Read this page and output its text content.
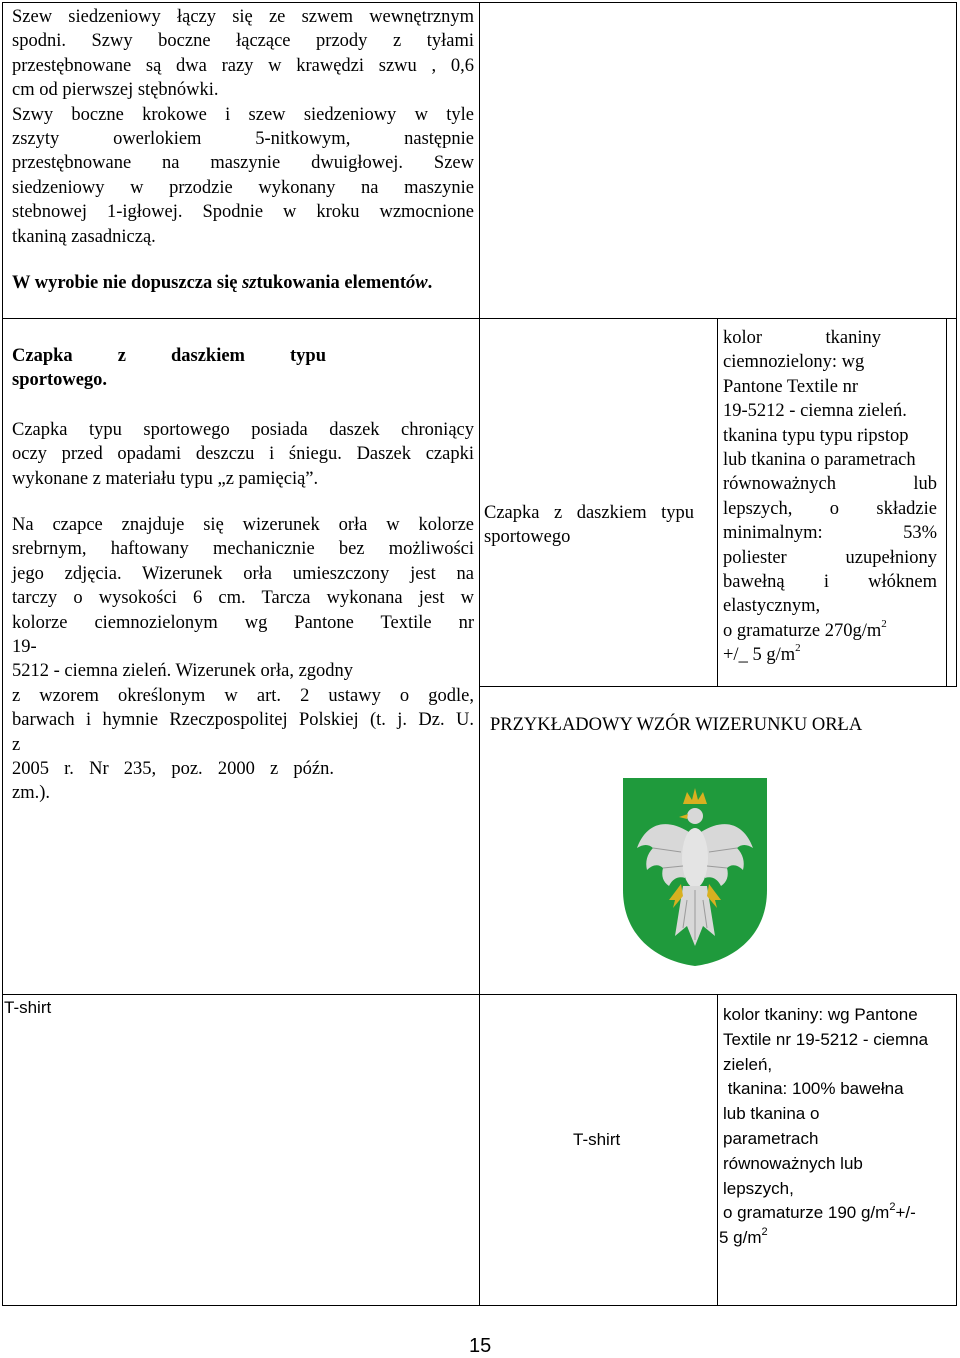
Szew siedzeniowy łączy się ze szwem wewnętrznym
spodni. Szwy boczne łączące przody z tyłami
przestębnowane są dwa razy w krawędzi szwu , 0,6
cm od pierwszej stębnówki.
Szwy boczne krokowe i szew siedzeniowy w tyle
zszyty owerlokiem 5-nitkowym, następnie
przestębnowane na maszynie dwuigłowej. Szew
siedzeniowy w przodzie wykonany na maszynie
stebnowej 1-igłowej. Spodnie w kroku wzmocnione
tkaniną zasadniczą.
W wyrobie nie dopuszcza się sztukowania elementów.
Czapka z daszkiem typu
sportowego.
Czapka typu sportowego posiada daszek chroniący
oczy przed opadami deszczu i śniegu. Daszek czapki
wykonane z materiału typu „z pamięcią”.
Na czapce znajduje się wizerunek orła w kolorze
srebrnym, haftowany mechanicznie bez możliwości
jego zdjęcia. Wizerunek orła umieszczony jest na
tarczy o wysokości 6 cm. Tarcza wykonana jest w
kolorze ciemnozielonym wg Pantone Textile nr
19-
5212 - ciemna zieleń. Wizerunek orła, zgodny
z wzorem określonym w art. 2 ustawy o godle,
barwach i hymnie Rzeczpospolitej Polskiej (t. j. Dz. U.
z
2005 r. Nr 235, poz. 2000 z późn.
zm.).
Czapka z daszkiem typu
sportowego
kolor tkaniny
ciemnozielony: wg
Pantone Textile nr
19-5212 - ciemna zieleń.
tkanina typu typu ripstop
lub tkanina o parametrach
równoważnych lub
lepszych, o składzie
minimalnym: 53%
poliester uzupełniony
bawełną i włóknem
elastycznym,
o gramaturze $270g/m^2$
+/_ 5 $g/m^2$
PRZYKŁADOWY WZÓR WIZERUNKU ORŁA
T-shirt
T-shirt
kolor tkaniny: wg Pantone
Textile nr 19-5212 - ciemna
zieleń,
tkanina: 100% bawełna
lub tkanina o
parametrach
równoważnych lub
lepszych,
o gramaturze 190 $g/m^2+/-$
5 $g/m^2$
15
